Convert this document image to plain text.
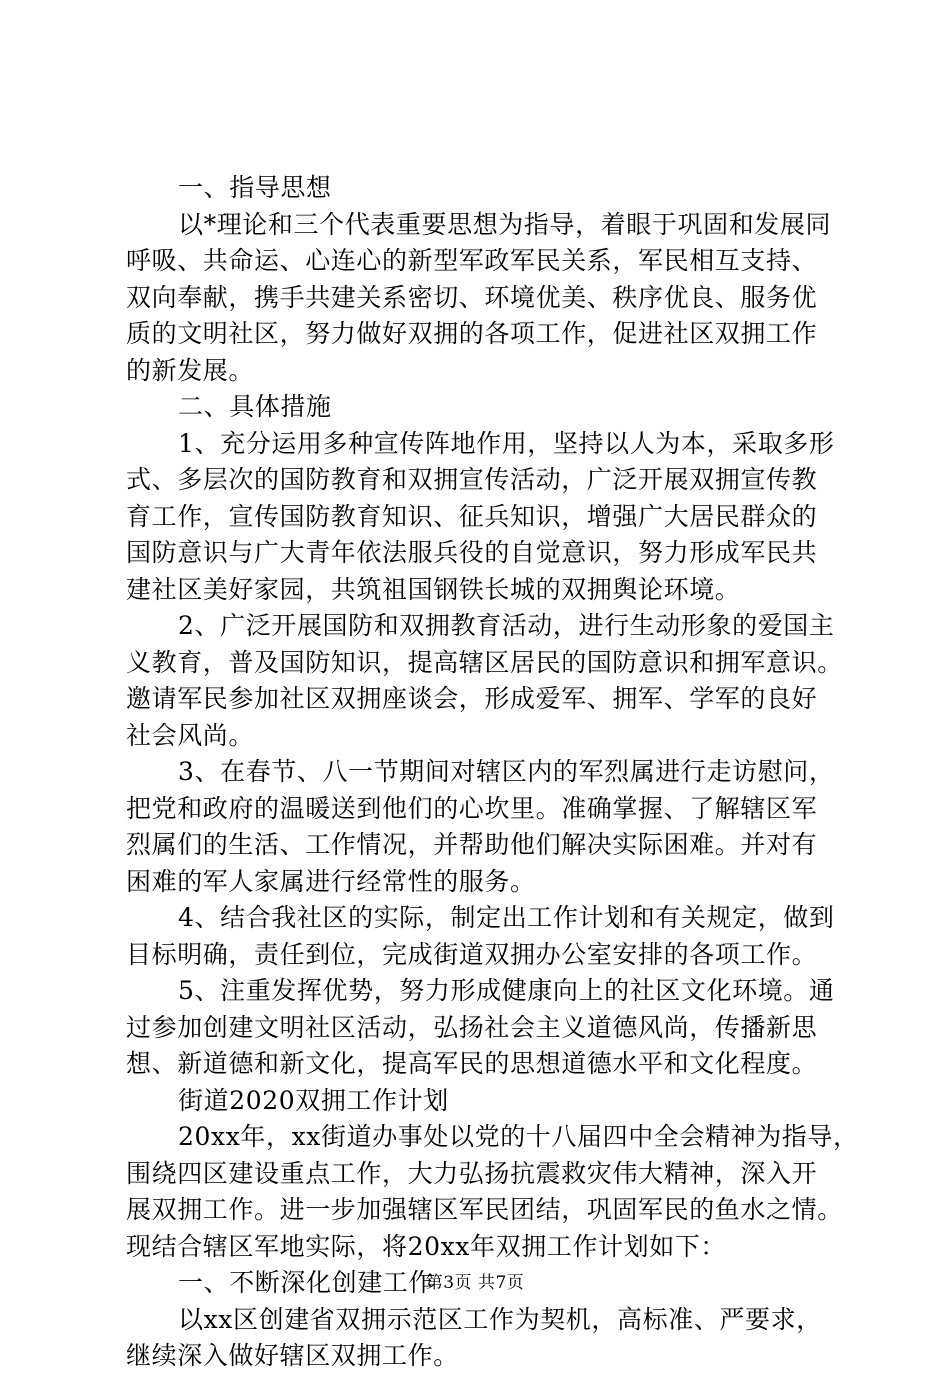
一、指导思想
以*理论和三个代表重要思想为指导，着眼于巩固和发展同
呼吸、共命运、心连心的新型军政军民关系，军民相互支持、
双向奉献，携手共建关系密切、环境优美、秩序优良、服务优
质的文明社区，努力做好双拥的各项工作，促进社区双拥工作
的新发展。
二、具体措施
1、充分运用多种宣传阵地作用，坚持以人为本，采取多形
式、多层次的国防教育和双拥宣传活动，广泛开展双拥宣传教
育工作，宣传国防教育知识、征兵知识，增强广大居民群众的
国防意识与广大青年依法服兵役的自觉意识，努力形成军民共
建社区美好家园，共筑祖国钢铁长城的双拥舆论环境。
2、广泛开展国防和双拥教育活动，进行生动形象的爱国主
义教育，普及国防知识，提高辖区居民的国防意识和拥军意识。
邀请军民参加社区双拥座谈会，形成爱军、拥军、学军的良好
社会风尚。
3、在春节、八一节期间对辖区内的军烈属进行走访慰问，
把党和政府的温暖送到他们的心坎里。准确掌握、了解辖区军
烈属们的生活、工作情况，并帮助他们解决实际困难。并对有
困难的军人家属进行经常性的服务。
4、结合我社区的实际，制定出工作计划和有关规定，做到
目标明确，责任到位，完成街道双拥办公室安排的各项工作。
5、注重发挥优势，努力形成健康向上的社区文化环境。通
过参加创建文明社区活动，弘扬社会主义道德风尚，传播新思
想、新道德和新文化，提高军民的思想道德水平和文化程度。
街道2020双拥工作计划
20xx年，xx街道办事处以党的十八届四中全会精神为指导，
围绕四区建设重点工作，大力弘扬抗震救灾伟大精神，深入开
展双拥工作。进一步加强辖区军民团结，巩固军民的鱼水之情。
现结合辖区军地实际，将20xx年双拥工作计划如下：
一、不断深化创建工作
以xx区创建省双拥示范区工作为契机，高标准、严要求，
继续深入做好辖区双拥工作。
第3页 共7页
